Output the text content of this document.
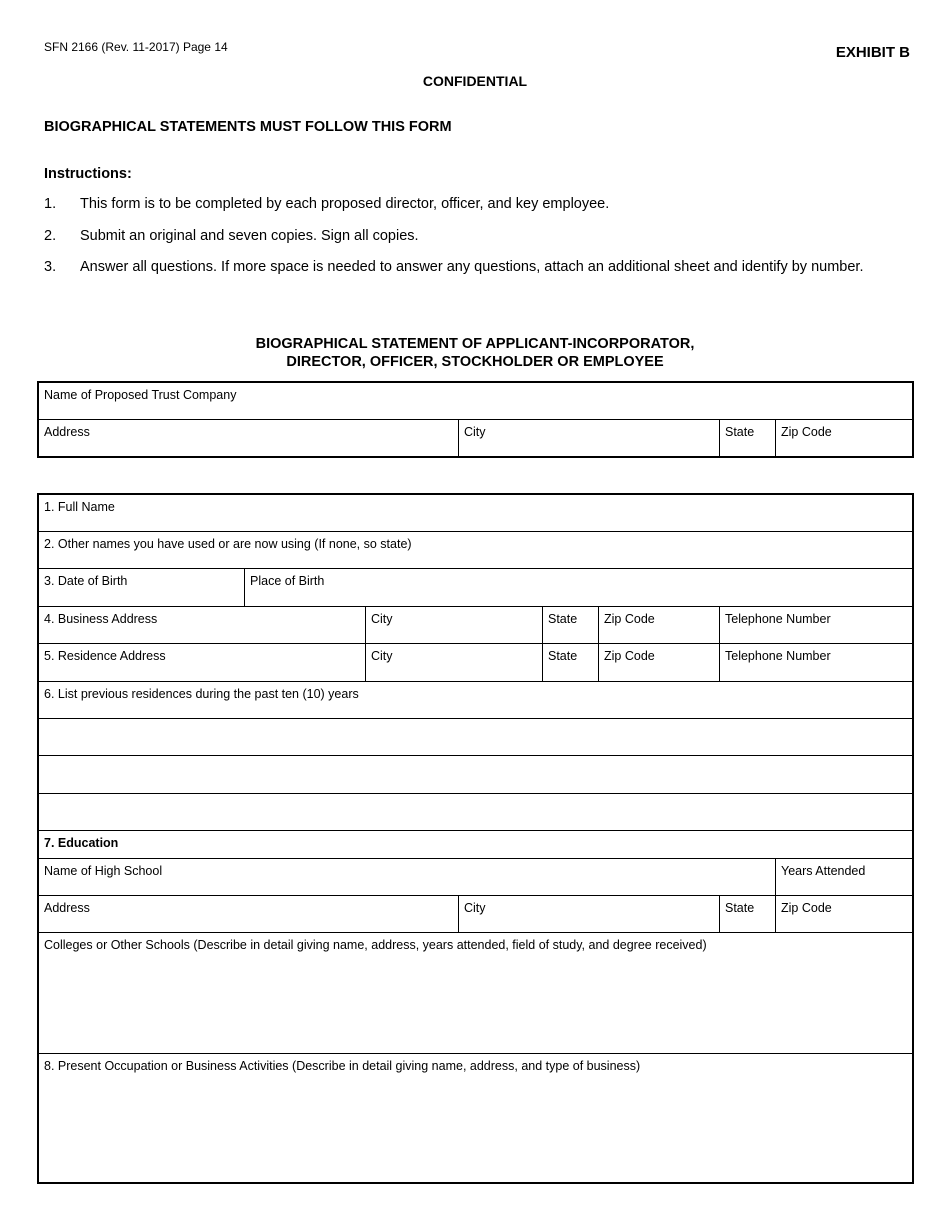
SFN 2166 (Rev. 11-2017) Page 14	EXHIBIT B
CONFIDENTIAL
BIOGRAPHICAL STATEMENTS MUST FOLLOW THIS FORM
Instructions:
1.	This form is to be completed by each proposed director, officer, and key employee.
2.	Submit an original and seven copies. Sign all copies.
3.	Answer all questions. If more space is needed to answer any questions, attach an additional sheet and identify by number.
BIOGRAPHICAL STATEMENT OF APPLICANT-INCORPORATOR,
DIRECTOR, OFFICER, STOCKHOLDER OR EMPLOYEE
Name of Proposed Trust Company
Address	City	State Zip Code
1. Full Name
2. Other names you have used or are now using (If none, so state)
3. Date of Birth	Place of Birth
4. Business Address	City	State Zip Code	Telephone Number
5. Residence Address	City	State Zip Code	Telephone Number
6. List previous residences during the past ten (10) years
7. Education
Name of High School	Years Attended
Address	City	State Zip Code
Colleges or Other Schools (Describe in detail giving name, address, years attended, field of study, and degree received)
8. Present Occupation or Business Activities (Describe in detail giving name, address, and type of business)
